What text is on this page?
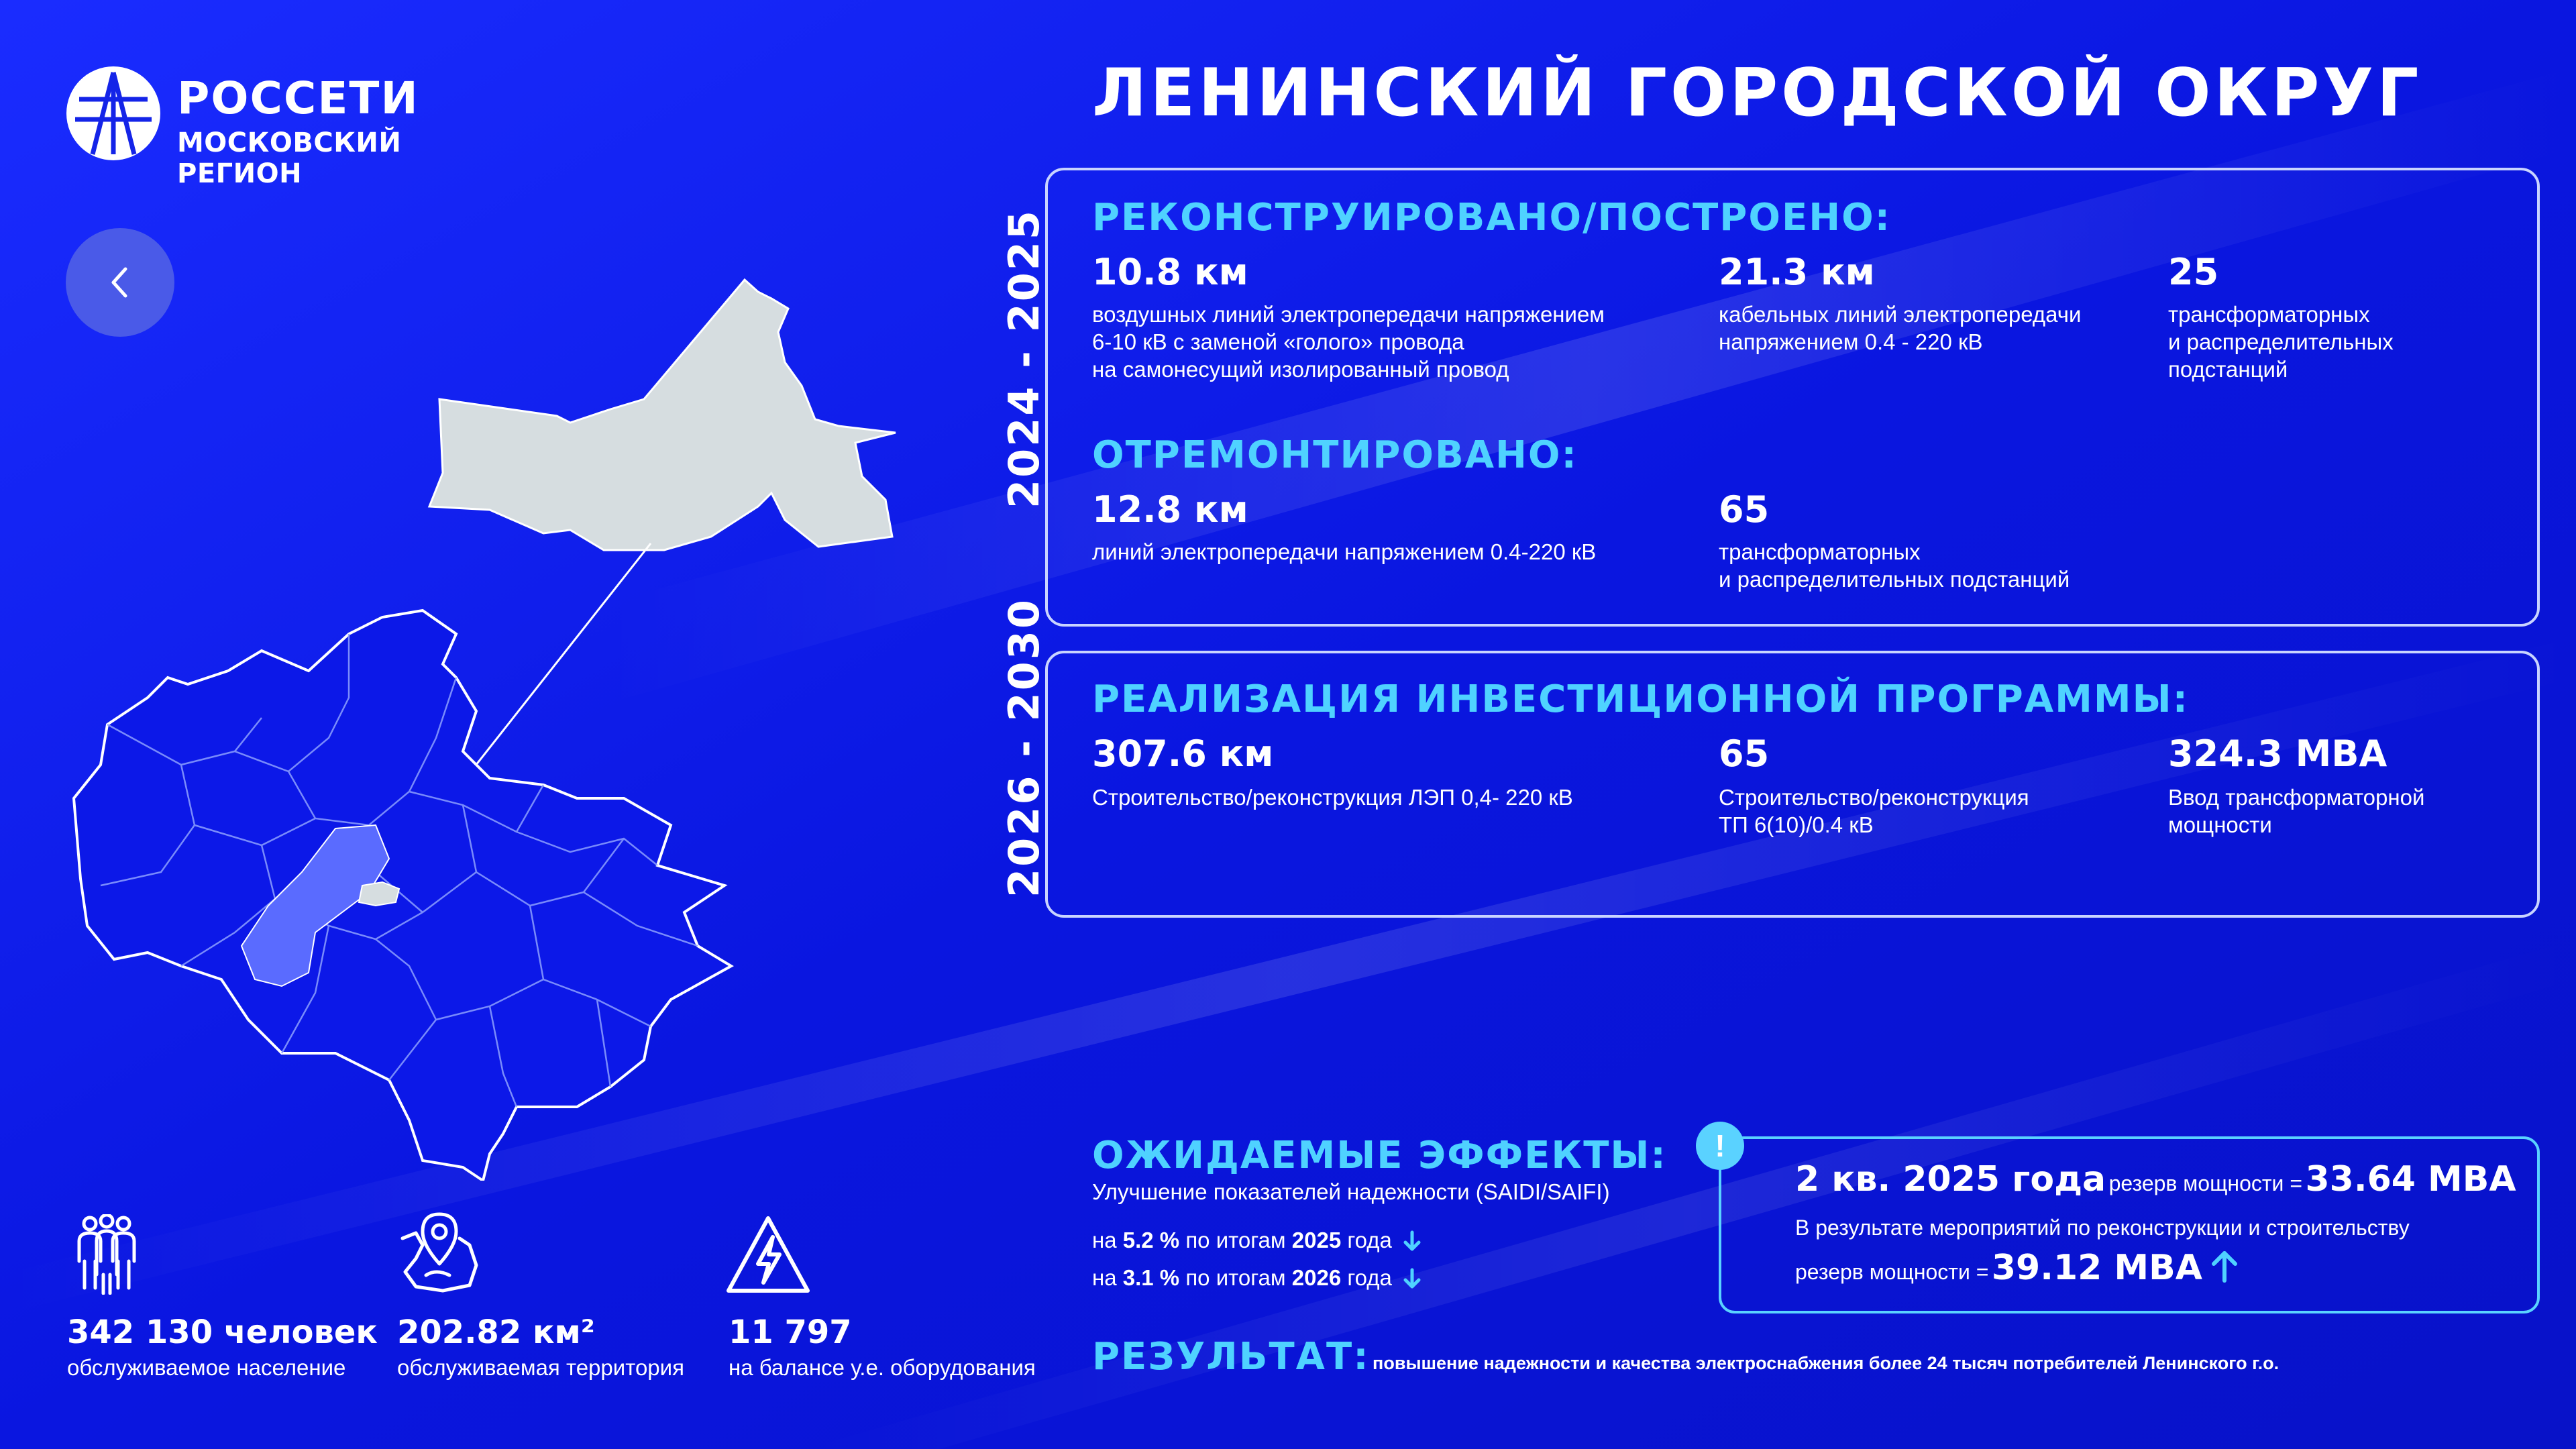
РОССЕТИ
МОСКОВСКИЙ РЕГИОН
ЛЕНИНСКИЙ ГОРОДСКОЙ ОКРУГ
2024 - 2025 РЕКОНСТРУИРОВАНО/ПОСТРОЕНО:
10.8 км
воздушных линий электропередачи напряжением
6-10 кВ с заменой «голого» провода
на самонесущий изолированный провод
21.3 км
кабельных линий электропередачи
напряжением 0.4 - 220 кВ
25
трансформаторных
и распределительных
подстанций
ОТРЕМОНТИРОВАНО:
12.8 км
линий электропередачи напряжением 0.4-220 кВ
65
трансформаторных
и распределительных подстанций
2026 - 2030 РЕАЛИЗАЦИЯ ИНВЕСТИЦИОННОЙ ПРОГРАММЫ:
307.6 км
Строительство/реконструкция ЛЭП 0,4- 220 кВ
65
Строительство/реконструкция
ТП 6(10)/0.4 кВ
324.3 МВА
Ввод трансформаторной
мощности
342 130 человек
обслуживаемое население
202.82 км²
обслуживаемая территория
11 797
на балансе у.е. оборудования
ОЖИДАЕМЫЕ ЭФФЕКТЫ:
Улучшение показателей надежности (SAIDI/SAIFI)
на 5.2 % по итогам 2025 года
на 3.1 % по итогам 2026 года
!
2 кв. 2025 года резерв мощности = 33.64 МВА
В результате мероприятий по реконструкции и строительству
резерв мощности = 39.12 МВА
РЕЗУЛЬТАТ: повышение надежности и качества электроснабжения более 24 тысяч потребителей Ленинского г.о.
